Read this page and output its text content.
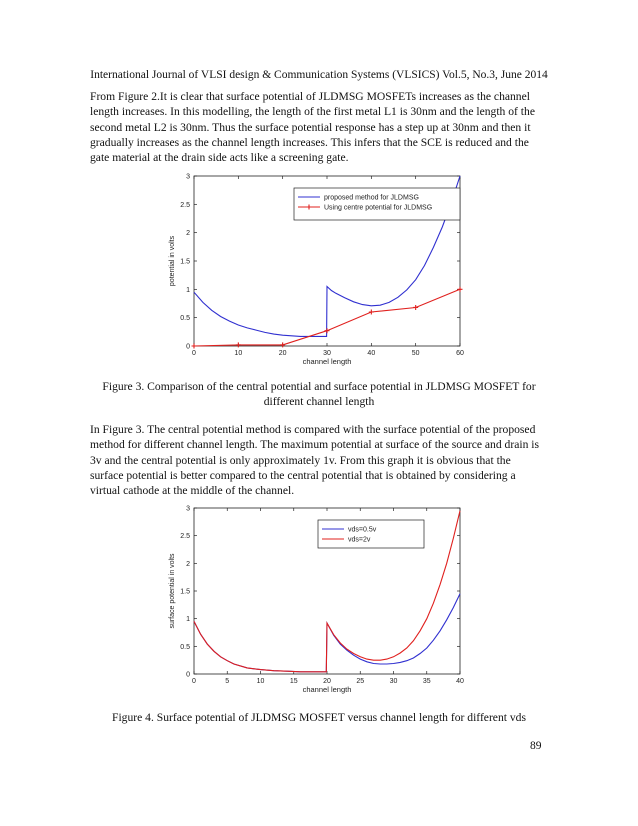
International Journal of VLSI design & Communication Systems (VLSICS) Vol.5, No.3, June 2014
From Figure 2.It is clear that surface potential of JLDMSG MOSFETs increases as the channel
length increases. In this modelling, the length of the first metal L1 is 30nm and the length of the
second metal L2 is 30nm. Thus the surface potential response has a step up at 30nm and then it
gradually increases as the channel length increases. This infers that the SCE is reduced and the
gate material at the drain side acts like a screening gate.
0	10	20	30	40	50	60
0
0.5
1
1.5
2
2.5
3
channel length
potential in volts
proposed method for JLDMSG
Using centre potential for JLDMSG
Figure 3. Comparison of the central potential and surface potential in JLDMSG MOSFET for
different channel length
In Figure 3. The central potential method is compared with the surface potential of the proposed
method for different channel length. The maximum potential at surface of the source and drain is
3v and the central potential is only approximately 1v. From this graph it is obvious that the
surface potential is better compared to the central potential that is obtained by considering a
virtual cathode at the middle of the channel.
0	5	10	15	20	25	30	35	40
0
0.5
1
1.5
2
2.5
3
channel length
surface potential in volts
vds=0.5v
vds=2v
Figure 4. Surface potential of JLDMSG MOSFET versus channel length for different vds
89
